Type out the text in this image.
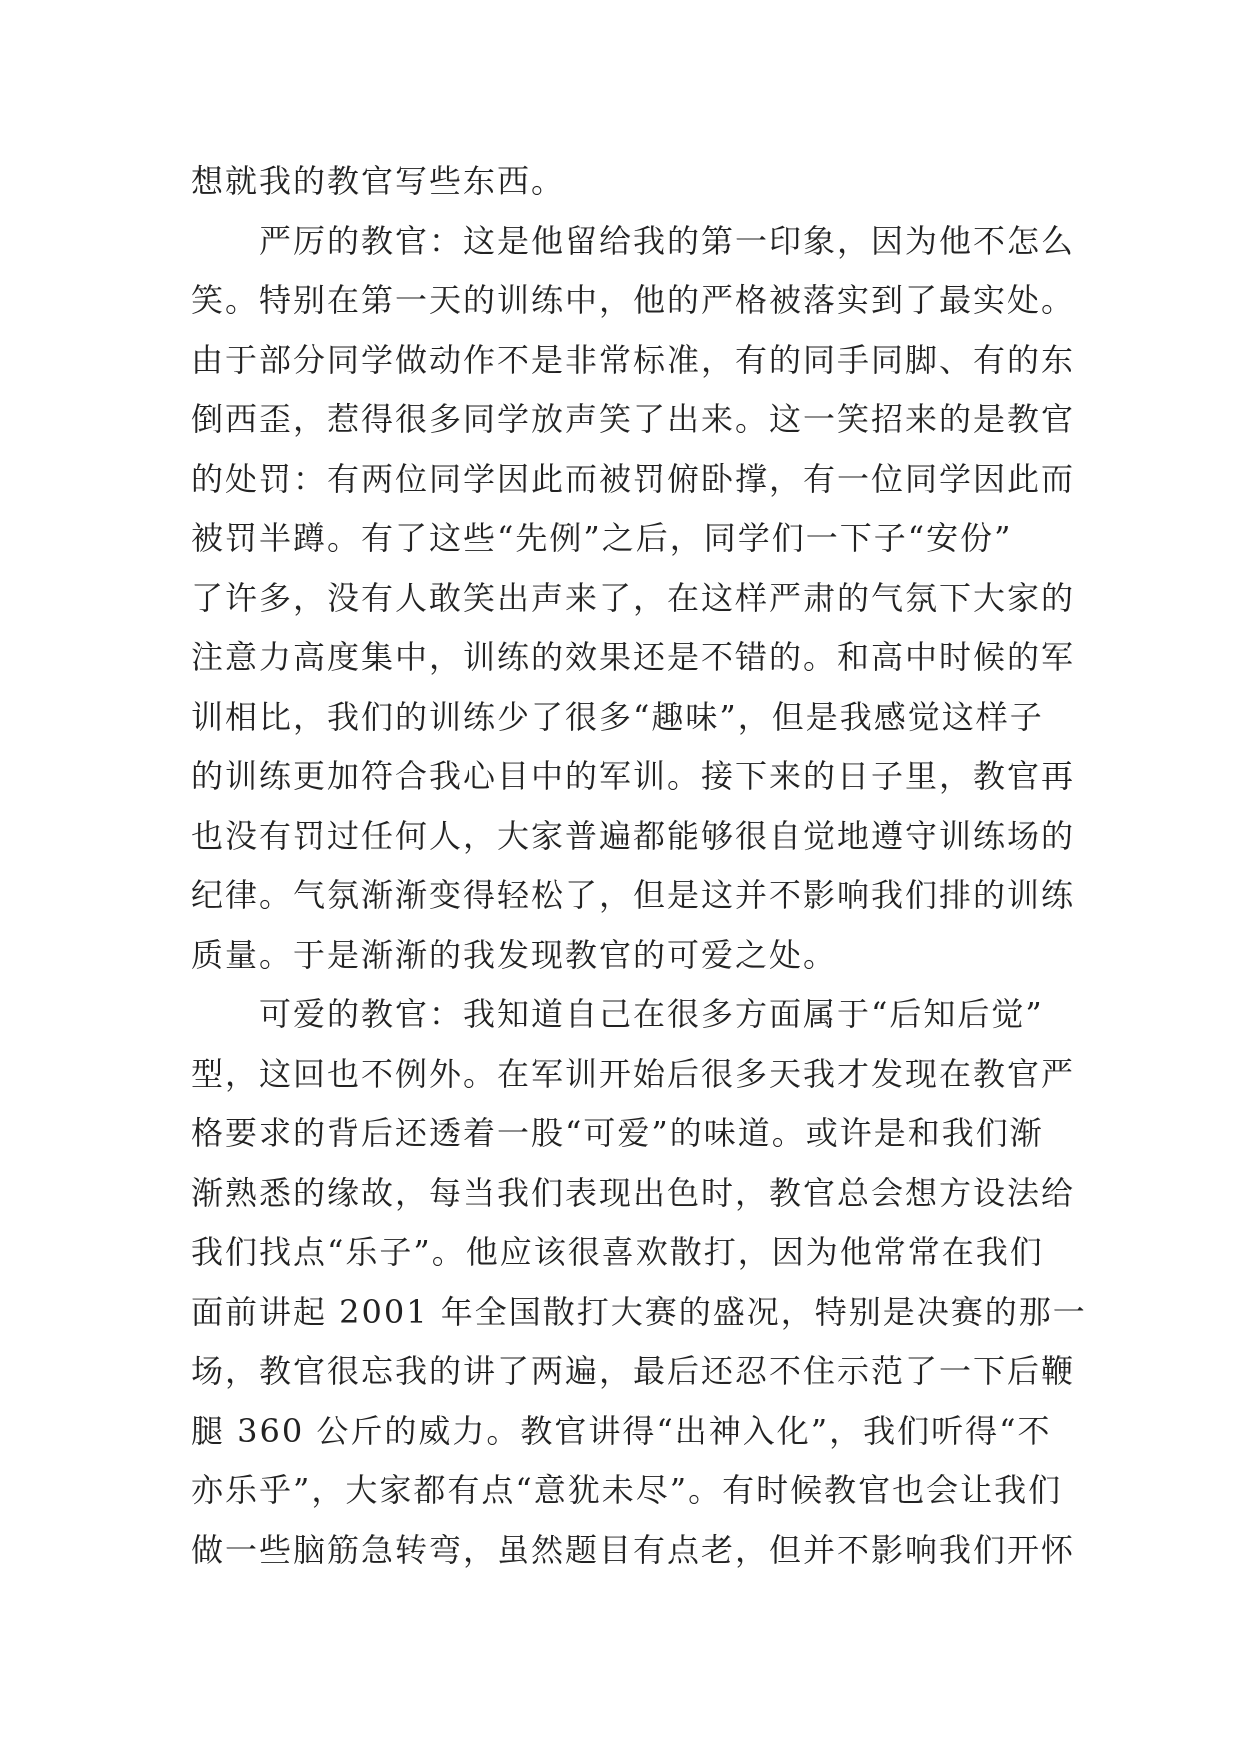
想就我的教官写些东西。
　　严厉的教官：这是他留给我的第一印象，因为他不怎么
笑。特别在第一天的训练中，他的严格被落实到了最实处。
由于部分同学做动作不是非常标准，有的同手同脚、有的东
倒西歪，惹得很多同学放声笑了出来。这一笑招来的是教官
的处罚：有两位同学因此而被罚俯卧撑，有一位同学因此而
被罚半蹲。有了这些“先例”之后，同学们一下子“安份”
了许多，没有人敢笑出声来了，在这样严肃的气氛下大家的
注意力高度集中，训练的效果还是不错的。和高中时候的军
训相比，我们的训练少了很多“趣味”，但是我感觉这样子
的训练更加符合我心目中的军训。接下来的日子里，教官再
也没有罚过任何人，大家普遍都能够很自觉地遵守训练场的
纪律。气氛渐渐变得轻松了，但是这并不影响我们排的训练
质量。于是渐渐的我发现教官的可爱之处。
　　可爱的教官：我知道自己在很多方面属于“后知后觉”
型，这回也不例外。在军训开始后很多天我才发现在教官严
格要求的背后还透着一股“可爱”的味道。或许是和我们渐
渐熟悉的缘故，每当我们表现出色时，教官总会想方设法给
我们找点“乐子”。他应该很喜欢散打，因为他常常在我们
面前讲起 2001 年全国散打大赛的盛况，特别是决赛的那一
场，教官很忘我的讲了两遍，最后还忍不住示范了一下后鞭
腿 360 公斤的威力。教官讲得“出神入化”，我们听得“不
亦乐乎”，大家都有点“意犹未尽”。有时候教官也会让我们
做一些脑筋急转弯，虽然题目有点老，但并不影响我们开怀
